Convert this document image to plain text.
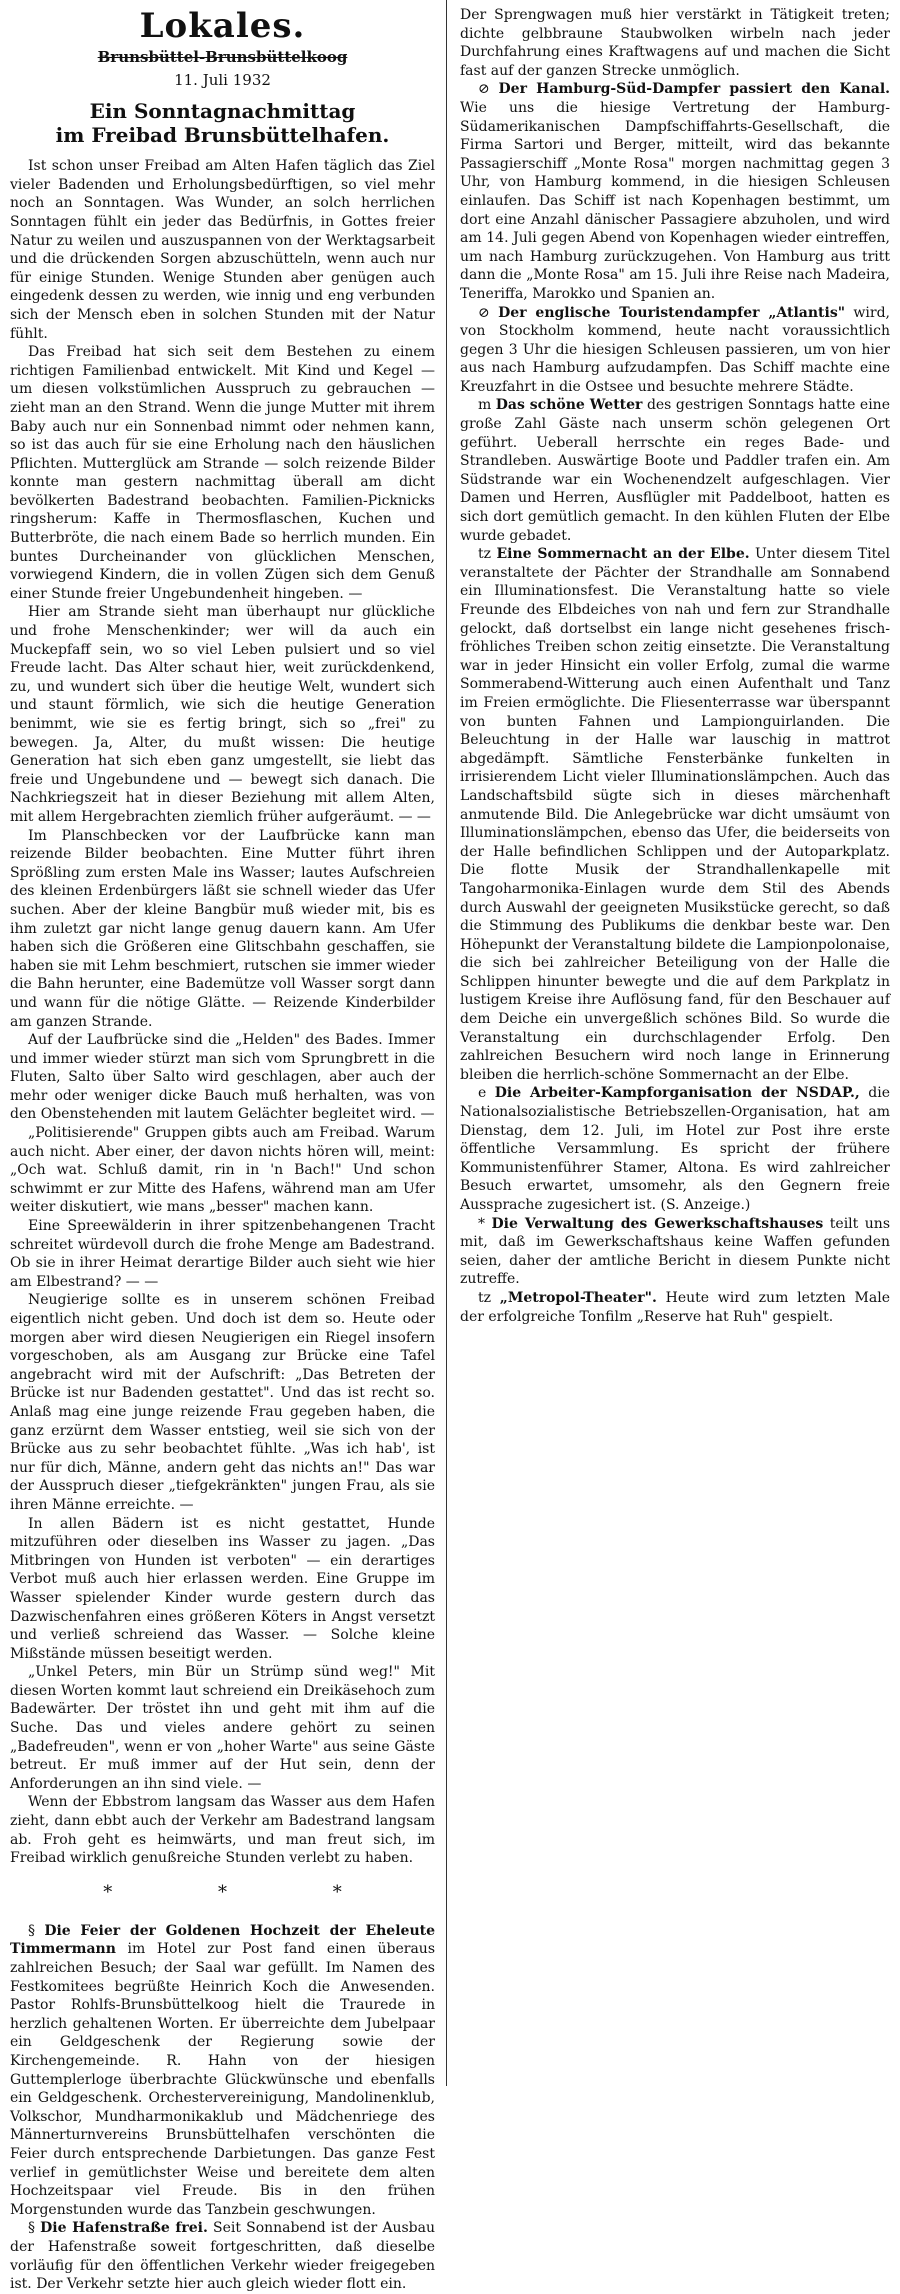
Lokales.
Brunsbüttel-Brunsbüttelkoog
11. Juli 1932
Ein Sonntagnachmittag
im Freibad Brunsbüttelhafen.

Ist schon unser Freibad am Alten Hafen täglich das Ziel vieler Badenden und Erholungsbedürftigen, so viel mehr noch an Sonntagen. Was Wunder, an solch herrlichen Sonntagen fühlt ein jeder das Bedürfnis, in Gottes freier Natur zu weilen und auszuspannen von der Werktagsarbeit und die drückenden Sorgen abzuschütteln, wenn auch nur für einige Stunden. Wenige Stunden aber genügen auch eingedenk dessen zu werden, wie innig und eng verbunden sich der Mensch eben in solchen Stunden mit der Natur fühlt.

Das Freibad hat sich seit dem Bestehen zu einem richtigen Familienbad entwickelt. Mit Kind und Kegel — um diesen volkstümlichen Ausspruch zu gebrauchen — zieht man an den Strand. Wenn die junge Mutter mit ihrem Baby auch nur ein Sonnenbad nimmt oder nehmen kann, so ist das auch für sie eine Erholung nach den häuslichen Pflichten. Mutterglück am Strande — solch reizende Bilder konnte man gestern nachmittag überall am dicht bevölkerten Badestrand beobachten. Familien-Picknicks ringsherum: Kaffe in Thermosflaschen, Kuchen und Butterbröte, die nach einem Bade so herrlich munden. Ein buntes Durcheinander von glücklichen Menschen, vorwiegend Kindern, die in vollen Zügen sich dem Genuß einer Stunde freier Ungebundenheit hingeben. —

Hier am Strande sieht man überhaupt nur glückliche und frohe Menschenkinder; wer will da auch ein Muckepfaff sein, wo so viel Leben pulsiert und so viel Freude lacht. Das Alter schaut hier, weit zurückdenkend, zu, und wundert sich über die heutige Welt, wundert sich und staunt förmlich, wie sich die heutige Generation benimmt, wie sie es fertig bringt, sich so „frei" zu bewegen. Ja, Alter, du mußt wissen: Die heutige Generation hat sich eben ganz umgestellt, sie liebt das freie und Ungebundene und — bewegt sich danach. Die Nachkriegszeit hat in dieser Beziehung mit allem Alten, mit allem Hergebrachten ziemlich früher aufgeräumt. — —

Im Planschbecken vor der Laufbrücke kann man reizende Bilder beobachten. Eine Mutter führt ihren Sprößling zum ersten Male ins Wasser; lautes Aufschreien des kleinen Erdenbürgers läßt sie schnell wieder das Ufer suchen. Aber der kleine Bangbür muß wieder mit, bis es ihm zuletzt gar nicht lange genug dauern kann. Am Ufer haben sich die Größeren eine Glitschbahn geschaffen, sie haben sie mit Lehm beschmiert, rutschen sie immer wieder die Bahn herunter, eine Bademütze voll Wasser sorgt dann und wann für die nötige Glätte. — Reizende Kinderbilder am ganzen Strande.

Auf der Laufbrücke sind die „Helden" des Bades. Immer und immer wieder stürzt man sich vom Sprungbrett in die Fluten, Salto über Salto wird geschlagen, aber auch der mehr oder weniger dicke Bauch muß herhalten, was von den Obenstehenden mit lautem Gelächter begleitet wird. —

„Politisierende" Gruppen gibts auch am Freibad. Warum auch nicht. Aber einer, der davon nichts hören will, meint: „Och wat. Schluß damit, rin in 'n Bach!" Und schon schwimmt er zur Mitte des Hafens, während man am Ufer weiter diskutiert, wie mans „besser" machen kann.

Eine Spreewälderin in ihrer spitzenbehangenen Tracht schreitet würdevoll durch die frohe Menge am Badestrand. Ob sie in ihrer Heimat derartige Bilder auch sieht wie hier am Elbestrand? — —

Neugierige sollte es in unserem schönen Freibad eigentlich nicht geben. Und doch ist dem so. Heute oder morgen aber wird diesen Neugierigen ein Riegel insofern vorgeschoben, als am Ausgang zur Brücke eine Tafel angebracht wird mit der Aufschrift: „Das Betreten der Brücke ist nur Badenden gestattet". Und das ist recht so. Anlaß mag eine junge reizende Frau gegeben haben, die ganz erzürnt dem Wasser entstieg, weil sie sich von der Brücke aus zu sehr beobachtet fühlte. „Was ich hab', ist nur für dich, Männe, andern geht das nichts an!" Das war der Ausspruch dieser „tiefgekränkten" jungen Frau, als sie ihren Männe erreichte. —

In allen Bädern ist es nicht gestattet, Hunde mitzuführen oder dieselben ins Wasser zu jagen. „Das Mitbringen von Hunden ist verboten" — ein derartiges Verbot muß auch hier erlassen werden. Eine Gruppe im Wasser spielender Kinder wurde gestern durch das Dazwischenfahren eines größeren Köters in Angst versetzt und verließ schreiend das Wasser. — Solche kleine Mißstände müssen beseitigt werden.

„Unkel Peters, min Bür un Strümp sünd weg!" Mit diesen Worten kommt laut schreiend ein Dreikäsehoch zum Badewärter. Der tröstet ihn und geht mit ihm auf die Suche. Das und vieles andere gehört zu seinen „Badefreuden", wenn er von „hoher Warte" aus seine Gäste betreut. Er muß immer auf der Hut sein, denn der Anforderungen an ihn sind viele. —

Wenn der Ebbstrom langsam das Wasser aus dem Hafen zieht, dann ebbt auch der Verkehr am Badestrand langsam ab. Froh geht es heimwärts, und man freut sich, im Freibad wirklich genußreiche Stunden verlebt zu haben.

* * *

§ Die Feier der Goldenen Hochzeit der Eheleute Timmermann im Hotel zur Post fand einen überaus zahlreichen Besuch; der Saal war gefüllt. Im Namen des Festkomitees begrüßte Heinrich Koch die Anwesenden. Pastor Rohlfs-Brunsbüttelkoog hielt die Traurede in herzlich gehaltenen Worten. Er überreichte dem Jubelpaar ein Geldgeschenk der Regierung sowie der Kirchengemeinde. R. Hahn von der hiesigen Guttemplerloge überbrachte Glückwünsche und ebenfalls ein Geldgeschenk. Orchestervereinigung, Mandolinenklub, Volkschor, Mundharmonikaklub und Mädchenriege des Männerturnvereins Brunsbüttelhafen verschönten die Feier durch entsprechende Darbietungen. Das ganze Fest verlief in gemütlichster Weise und bereitete dem alten Hochzeitspaar viel Freude. Bis in den frühen Morgenstunden wurde das Tanzbein geschwungen.

§ Die Hafenstraße frei. Seit Sonnabend ist der Ausbau der Hafenstraße soweit fortgeschritten, daß dieselbe vorläufig für den öffentlichen Verkehr wieder freigegeben ist. Der Verkehr setzte hier auch gleich wieder flott ein.

Der Sprengwagen muß hier verstärkt in Tätigkeit treten; dichte gelbbraune Staubwolken wirbeln nach jeder Durchfahrung eines Kraftwagens auf und machen die Sicht fast auf der ganzen Strecke unmöglich.

⊘ Der Hamburg-Süd-Dampfer passiert den Kanal. Wie uns die hiesige Vertretung der Hamburg-Südamerikanischen Dampfschiffahrts-Gesellschaft, die Firma Sartori und Berger, mitteilt, wird das bekannte Passagierschiff „Monte Rosa" morgen nachmittag gegen 3 Uhr, von Hamburg kommend, in die hiesigen Schleusen einlaufen. Das Schiff ist nach Kopenhagen bestimmt, um dort eine Anzahl dänischer Passagiere abzuholen, und wird am 14. Juli gegen Abend von Kopenhagen wieder eintreffen, um nach Hamburg zurückzugehen. Von Hamburg aus tritt dann die „Monte Rosa" am 15. Juli ihre Reise nach Madeira, Teneriffa, Marokko und Spanien an.

⊘ Der englische Touristendampfer „Atlantis" wird, von Stockholm kommend, heute nacht voraussichtlich gegen 3 Uhr die hiesigen Schleusen passieren, um von hier aus nach Hamburg aufzudampfen. Das Schiff machte eine Kreuzfahrt in die Ostsee und besuchte mehrere Städte.

m Das schöne Wetter des gestrigen Sonntags hatte eine große Zahl Gäste nach unserm schön gelegenen Ort geführt. Ueberall herrschte ein reges Bade- und Strandleben. Auswärtige Boote und Paddler trafen ein. Am Südstrande war ein Wochenendzelt aufgeschlagen. Vier Damen und Herren, Ausflügler mit Paddelboot, hatten es sich dort gemütlich gemacht. In den kühlen Fluten der Elbe wurde gebadet.

tz Eine Sommernacht an der Elbe. Unter diesem Titel veranstaltete der Pächter der Strandhalle am Sonnabend ein Illuminationsfest. Die Veranstaltung hatte so viele Freunde des Elbdeiches von nah und fern zur Strandhalle gelockt, daß dortselbst ein lange nicht gesehenes frisch-fröhliches Treiben schon zeitig einsetzte. Die Veranstaltung war in jeder Hinsicht ein voller Erfolg, zumal die warme Sommerabend-Witterung auch einen Aufenthalt und Tanz im Freien ermöglichte. Die Fliesenterrasse war überspannt von bunten Fahnen und Lampionguirlanden. Die Beleuchtung in der Halle war lauschig in mattrot abgedämpft. Sämtliche Fensterbänke funkelten in irrisierendem Licht vieler Illuminationslämpchen. Auch das Landschaftsbild sügte sich in dieses märchenhaft anmutende Bild. Die Anlegebrücke war dicht umsäumt von Illuminationslämpchen, ebenso das Ufer, die beiderseits von der Halle befindlichen Schlippen und der Autoparkplatz. Die flotte Musik der Strandhallenkapelle mit Tangoharmonika-Einlagen wurde dem Stil des Abends durch Auswahl der geeigneten Musikstücke gerecht, so daß die Stimmung des Publikums die denkbar beste war. Den Höhepunkt der Veranstaltung bildete die Lampionpolonaise, die sich bei zahlreicher Beteiligung von der Halle die Schlippen hinunter bewegte und die auf dem Parkplatz in lustigem Kreise ihre Auflösung fand, für den Beschauer auf dem Deiche ein unvergeßlich schönes Bild. So wurde die Veranstaltung ein durchschlagender Erfolg. Den zahlreichen Besuchern wird noch lange in Erinnerung bleiben die herrlich-schöne Sommernacht an der Elbe.

e Die Arbeiter-Kampforganisation der NSDAP., die Nationalsozialistische Betriebszellen-Organisation, hat am Dienstag, dem 12. Juli, im Hotel zur Post ihre erste öffentliche Versammlung. Es spricht der frühere Kommunistenführer Stamer, Altona. Es wird zahlreicher Besuch erwartet, umsomehr, als den Gegnern freie Aussprache zugesichert ist. (S. Anzeige.)

* Die Verwaltung des Gewerkschaftshauses teilt uns mit, daß im Gewerkschaftshaus keine Waffen gefunden seien, daher der amtliche Bericht in diesem Punkte nicht zutreffe.

tz „Metropol-Theater". Heute wird zum letzten Male der erfolgreiche Tonfilm „Reserve hat Ruh" gespielt.
